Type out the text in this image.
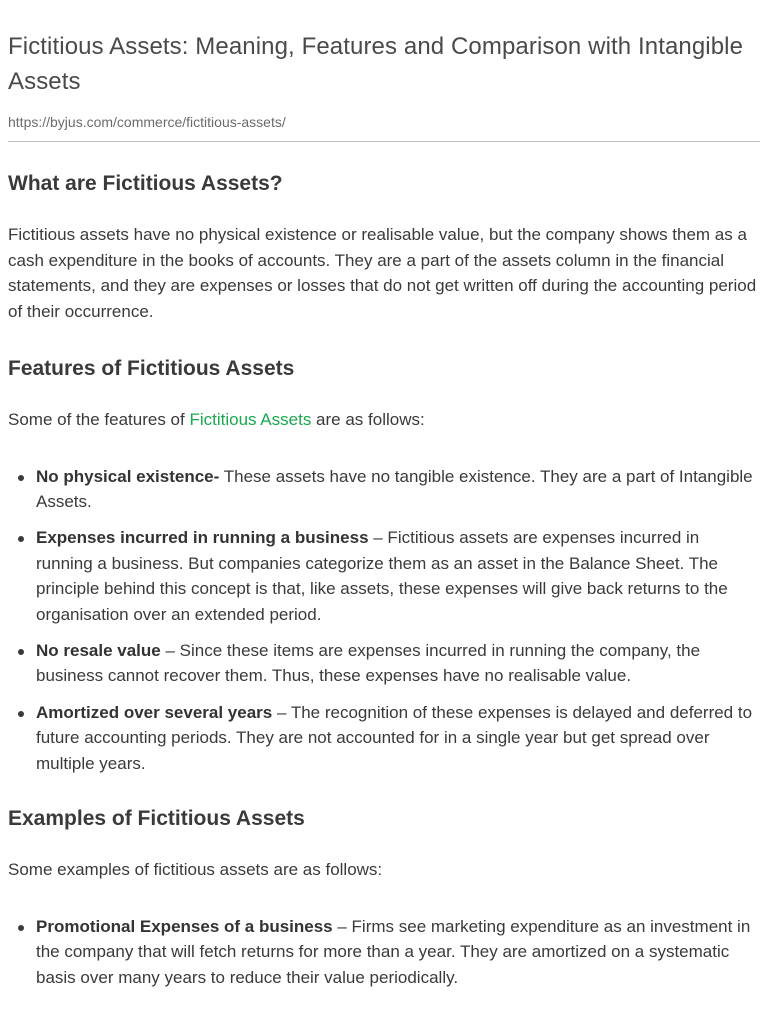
Fictitious Assets: Meaning, Features and Comparison with Intangible Assets
https://byjus.com/commerce/fictitious-assets/
What are Fictitious Assets?

Fictitious assets have no physical existence or realisable value, but the company shows them as a cash expenditure in the books of accounts. They are a part of the assets column in the financial statements, and they are expenses or losses that do not get written off during the accounting period of their occurrence.

Features of Fictitious Assets

Some of the features of Fictitious Assets are as follows:

No physical existence- These assets have no tangible existence. They are a part of Intangible Assets.
Expenses incurred in running a business – Fictitious assets are expenses incurred in running a business. But companies categorize them as an asset in the Balance Sheet. The principle behind this concept is that, like assets, these expenses will give back returns to the organisation over an extended period.
No resale value – Since these items are expenses incurred in running the company, the business cannot recover them. Thus, these expenses have no realisable value.
Amortized over several years – The recognition of these expenses is delayed and deferred to future accounting periods. They are not accounted for in a single year but get spread over multiple years.
Examples of Fictitious Assets

Some examples of fictitious assets are as follows:

Promotional Expenses of a business – Firms see marketing expenditure as an investment in the company that will fetch returns for more than a year. They are amortized on a systematic basis over many years to reduce their value periodically.
